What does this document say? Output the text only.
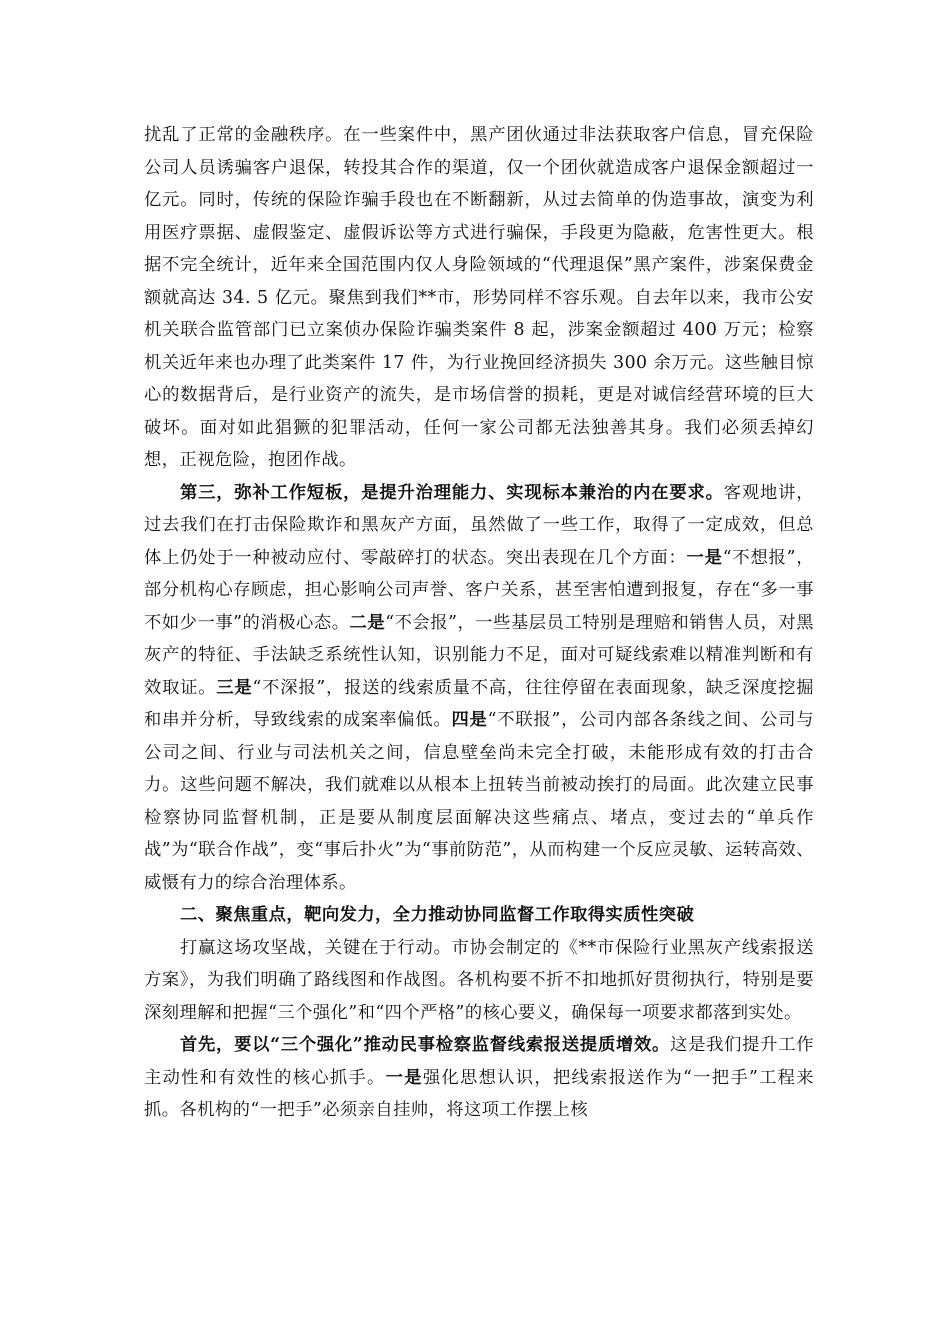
扰乱了正常的金融秩序。在一些案件中，黑产团伙通过非法获取客户信息，冒充保险公司人员诱骗客户退保，转投其合作的渠道，仅一个团伙就造成客户退保金额超过一亿元。同时，传统的保险诈骗手段也在不断翻新，从过去简单的伪造事故，演变为利用医疗票据、虚假鉴定、虚假诉讼等方式进行骗保，手段更为隐蔽，危害性更大。根据不完全统计，近年来全国范围内仅人身险领域的“代理退保”黑产案件，涉案保费金额就高达 34. 5 亿元。聚焦到我们**市，形势同样不容乐观。自去年以来，我市公安机关联合监管部门已立案侦办保险诈骗类案件 8 起，涉案金额超过 400 万元；检察机关近年来也办理了此类案件 17 件，为行业挽回经济损失 300 余万元。这些触目惊心的数据背后，是行业资产的流失，是市场信誉的损耗，更是对诚信经营环境的巨大破坏。面对如此猖獗的犯罪活动，任何一家公司都无法独善其身。我们必须丢掉幻想，正视危险，抱团作战。

第三，弥补工作短板，是提升治理能力、实现标本兼治的内在要求。客观地讲，过去我们在打击保险欺诈和黑灰产方面，虽然做了一些工作，取得了一定成效，但总体上仍处于一种被动应付、零敲碎打的状态。突出表现在几个方面：一是“不想报”，部分机构心存顾虑，担心影响公司声誉、客户关系，甚至害怕遭到报复，存在“多一事不如少一事”的消极心态。二是“不会报”，一些基层员工特别是理赔和销售人员，对黑灰产的特征、手法缺乏系统性认知，识别能力不足，面对可疑线索难以精准判断和有效取证。三是“不深报”，报送的线索质量不高，往往停留在表面现象，缺乏深度挖掘和串并分析，导致线索的成案率偏低。四是“不联报”，公司内部各条线之间、公司与公司之间、行业与司法机关之间，信息壁垒尚未完全打破，未能形成有效的打击合力。这些问题不解决，我们就难以从根本上扭转当前被动挨打的局面。此次建立民事检察协同监督机制，正是要从制度层面解决这些痛点、堵点，变过去的“单兵作战”为“联合作战”，变“事后扑火”为“事前防范”，从而构建一个反应灵敏、运转高效、威慑有力的综合治理体系。

二、聚焦重点，靶向发力，全力推动协同监督工作取得实质性突破

打赢这场攻坚战，关键在于行动。市协会制定的《**市保险行业黑灰产线索报送方案》，为我们明确了路线图和作战图。各机构要不折不扣地抓好贯彻执行，特别是要深刻理解和把握“三个强化”和“四个严格”的核心要义，确保每一项要求都落到实处。

首先，要以“三个强化”推动民事检察监督线索报送提质增效。这是我们提升工作主动性和有效性的核心抓手。一是强化思想认识，把线索报送作为“一把手”工程来抓。各机构的“一把手”必须亲自挂帅，将这项工作摆上核
